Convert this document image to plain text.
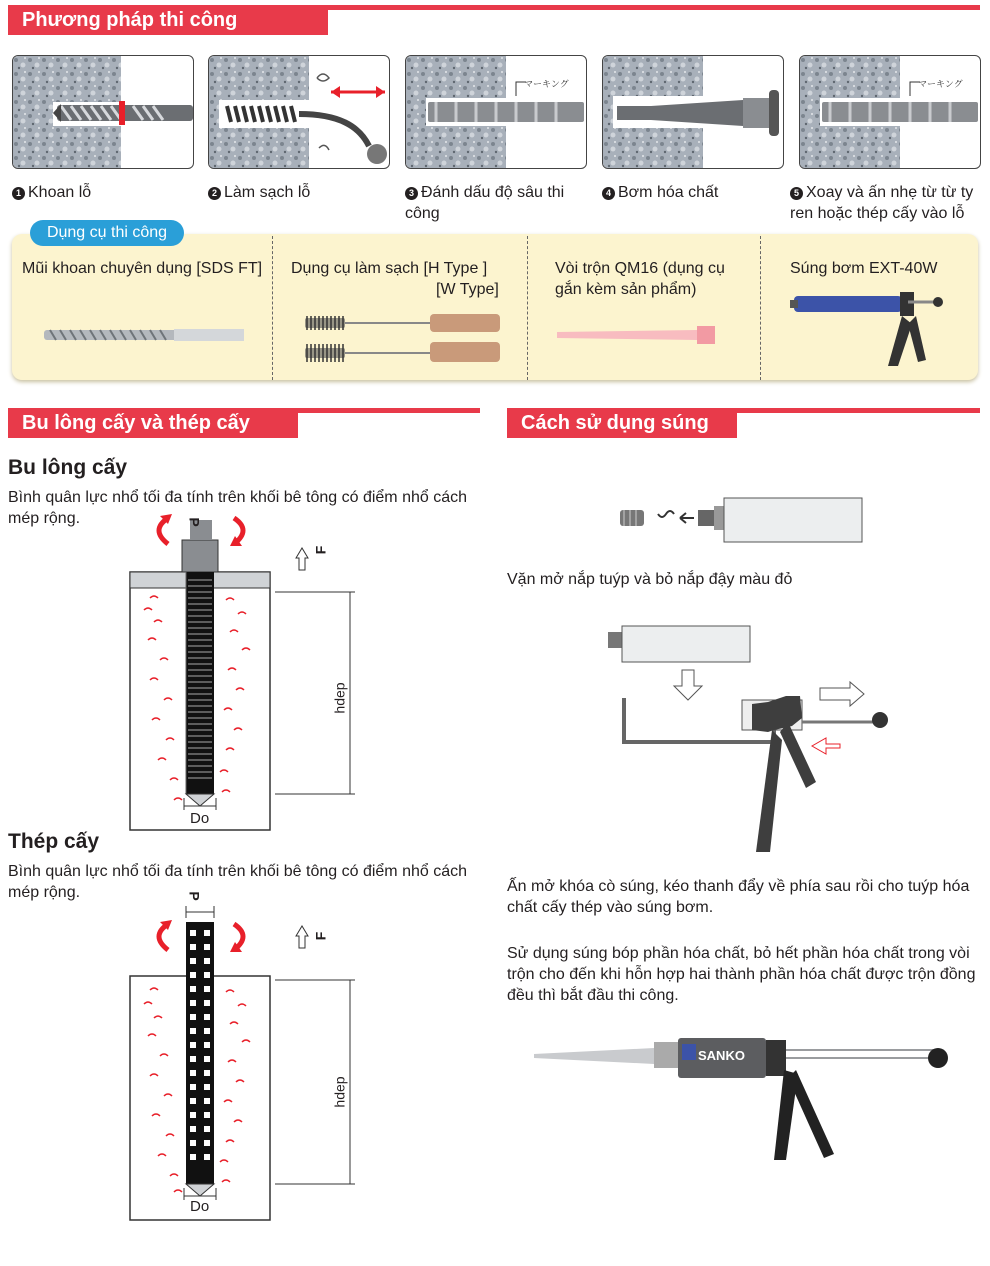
Phương pháp thi công
1 Khoan lỗ	2 Làm sạch lỗ
マーキング
3 Đánh dấu độ sâu thi công
4 Bơm hóa chất
マーキング
5 Xoay và ấn nhẹ từ từ ty ren hoặc thép cấy vào lỗ
Dụng cụ thi công
Mũi khoan chuyên dụng [SDS FT]	Dụng cụ làm sạch [H Type ]
[W Type]
Vòi trộn QM16 (dụng cụ gắn kèm sản phẩm)
Súng bơm EXT-40W
Bu lông cấy và thép cấy	Cách sử dụng súng
Bu lông cấy
Bình quân lực nhổ tối đa tính trên khối bê tông có điểm nhổ cách mép rộng.	P
F
hdep
Do
Thép cấy
Bình quân lực nhổ tối đa tính trên khối bê tông có điểm nhổ cách mép rộng.	P
F
hdep
Do
Vặn mở nắp tuýp và bỏ nắp đậy màu đỏ
Ấn mở khóa cò súng, kéo thanh đẩy về phía sau rồi cho tuýp hóa chất cấy thép vào súng bơm.
Sử dụng súng bóp phần hóa chất, bỏ hết phần hóa chất trong vòi trộn cho đến khi hỗn hợp hai thành phần hóa chất được trộn đồng đều thì bắt đầu thi công.
SANKO
